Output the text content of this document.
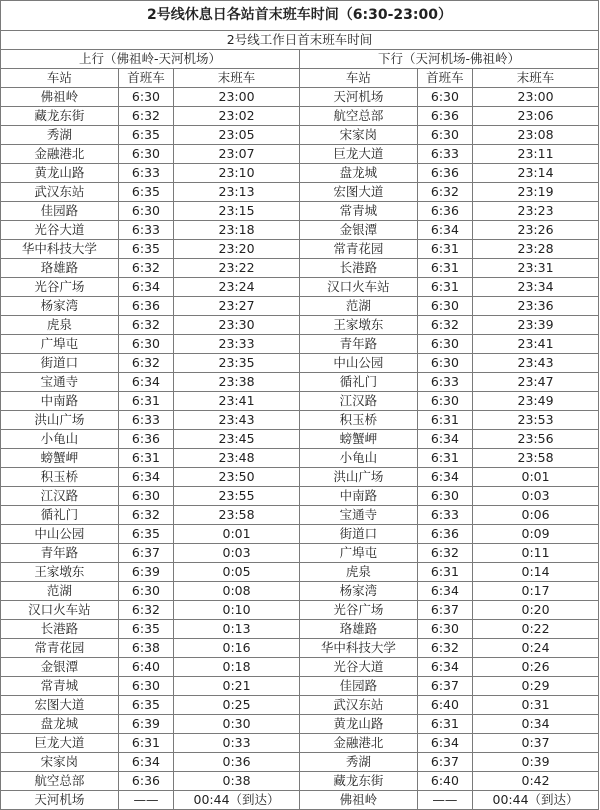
2号线休息日各站首末班车时间（6:30-23:00）					
2号线工作日首末班车时间					
上行（佛祖岭-天河机场）			下行（天河机场-佛祖岭）		
车站	首班车	末班车	车站	首班车	末班车
佛祖岭	6:30	23:00	天河机场	6:30	23:00
藏龙东街	6:32	23:02	航空总部	6:36	23:06
秀湖	6:35	23:05	宋家岗	6:30	23:08
金融港北	6:30	23:07	巨龙大道	6:33	23:11
黄龙山路	6:33	23:10	盘龙城	6:36	23:14
武汉东站	6:35	23:13	宏图大道	6:32	23:19
佳园路	6:30	23:15	常青城	6:36	23:23
光谷大道	6:33	23:18	金银潭	6:34	23:26
华中科技大学	6:35	23:20	常青花园	6:31	23:28
珞雄路	6:32	23:22	长港路	6:31	23:31
光谷广场	6:34	23:24	汉口火车站	6:31	23:34
杨家湾	6:36	23:27	范湖	6:30	23:36
虎泉	6:32	23:30	王家墩东	6:32	23:39
广埠屯	6:30	23:33	青年路	6:30	23:41
街道口	6:32	23:35	中山公园	6:30	23:43
宝通寺	6:34	23:38	循礼门	6:33	23:47
中南路	6:31	23:41	江汉路	6:30	23:49
洪山广场	6:33	23:43	积玉桥	6:31	23:53
小龟山	6:36	23:45	螃蟹岬	6:34	23:56
螃蟹岬	6:31	23:48	小龟山	6:31	23:58
积玉桥	6:34	23:50	洪山广场	6:34	0:01
江汉路	6:30	23:55	中南路	6:30	0:03
循礼门	6:32	23:58	宝通寺	6:33	0:06
中山公园	6:35	0:01	街道口	6:36	0:09
青年路	6:37	0:03	广埠屯	6:32	0:11
王家墩东	6:39	0:05	虎泉	6:31	0:14
范湖	6:30	0:08	杨家湾	6:34	0:17
汉口火车站	6:32	0:10	光谷广场	6:37	0:20
长港路	6:35	0:13	珞雄路	6:30	0:22
常青花园	6:38	0:16	华中科技大学	6:32	0:24
金银潭	6:40	0:18	光谷大道	6:34	0:26
常青城	6:30	0:21	佳园路	6:37	0:29
宏图大道	6:35	0:25	武汉东站	6:40	0:31
盘龙城	6:39	0:30	黄龙山路	6:31	0:34
巨龙大道	6:31	0:33	金融港北	6:34	0:37
宋家岗	6:34	0:36	秀湖	6:37	0:39
航空总部	6:36	0:38	藏龙东街	6:40	0:42
天河机场	——	00:44（到达）	佛祖岭	——	00:44（到达）
